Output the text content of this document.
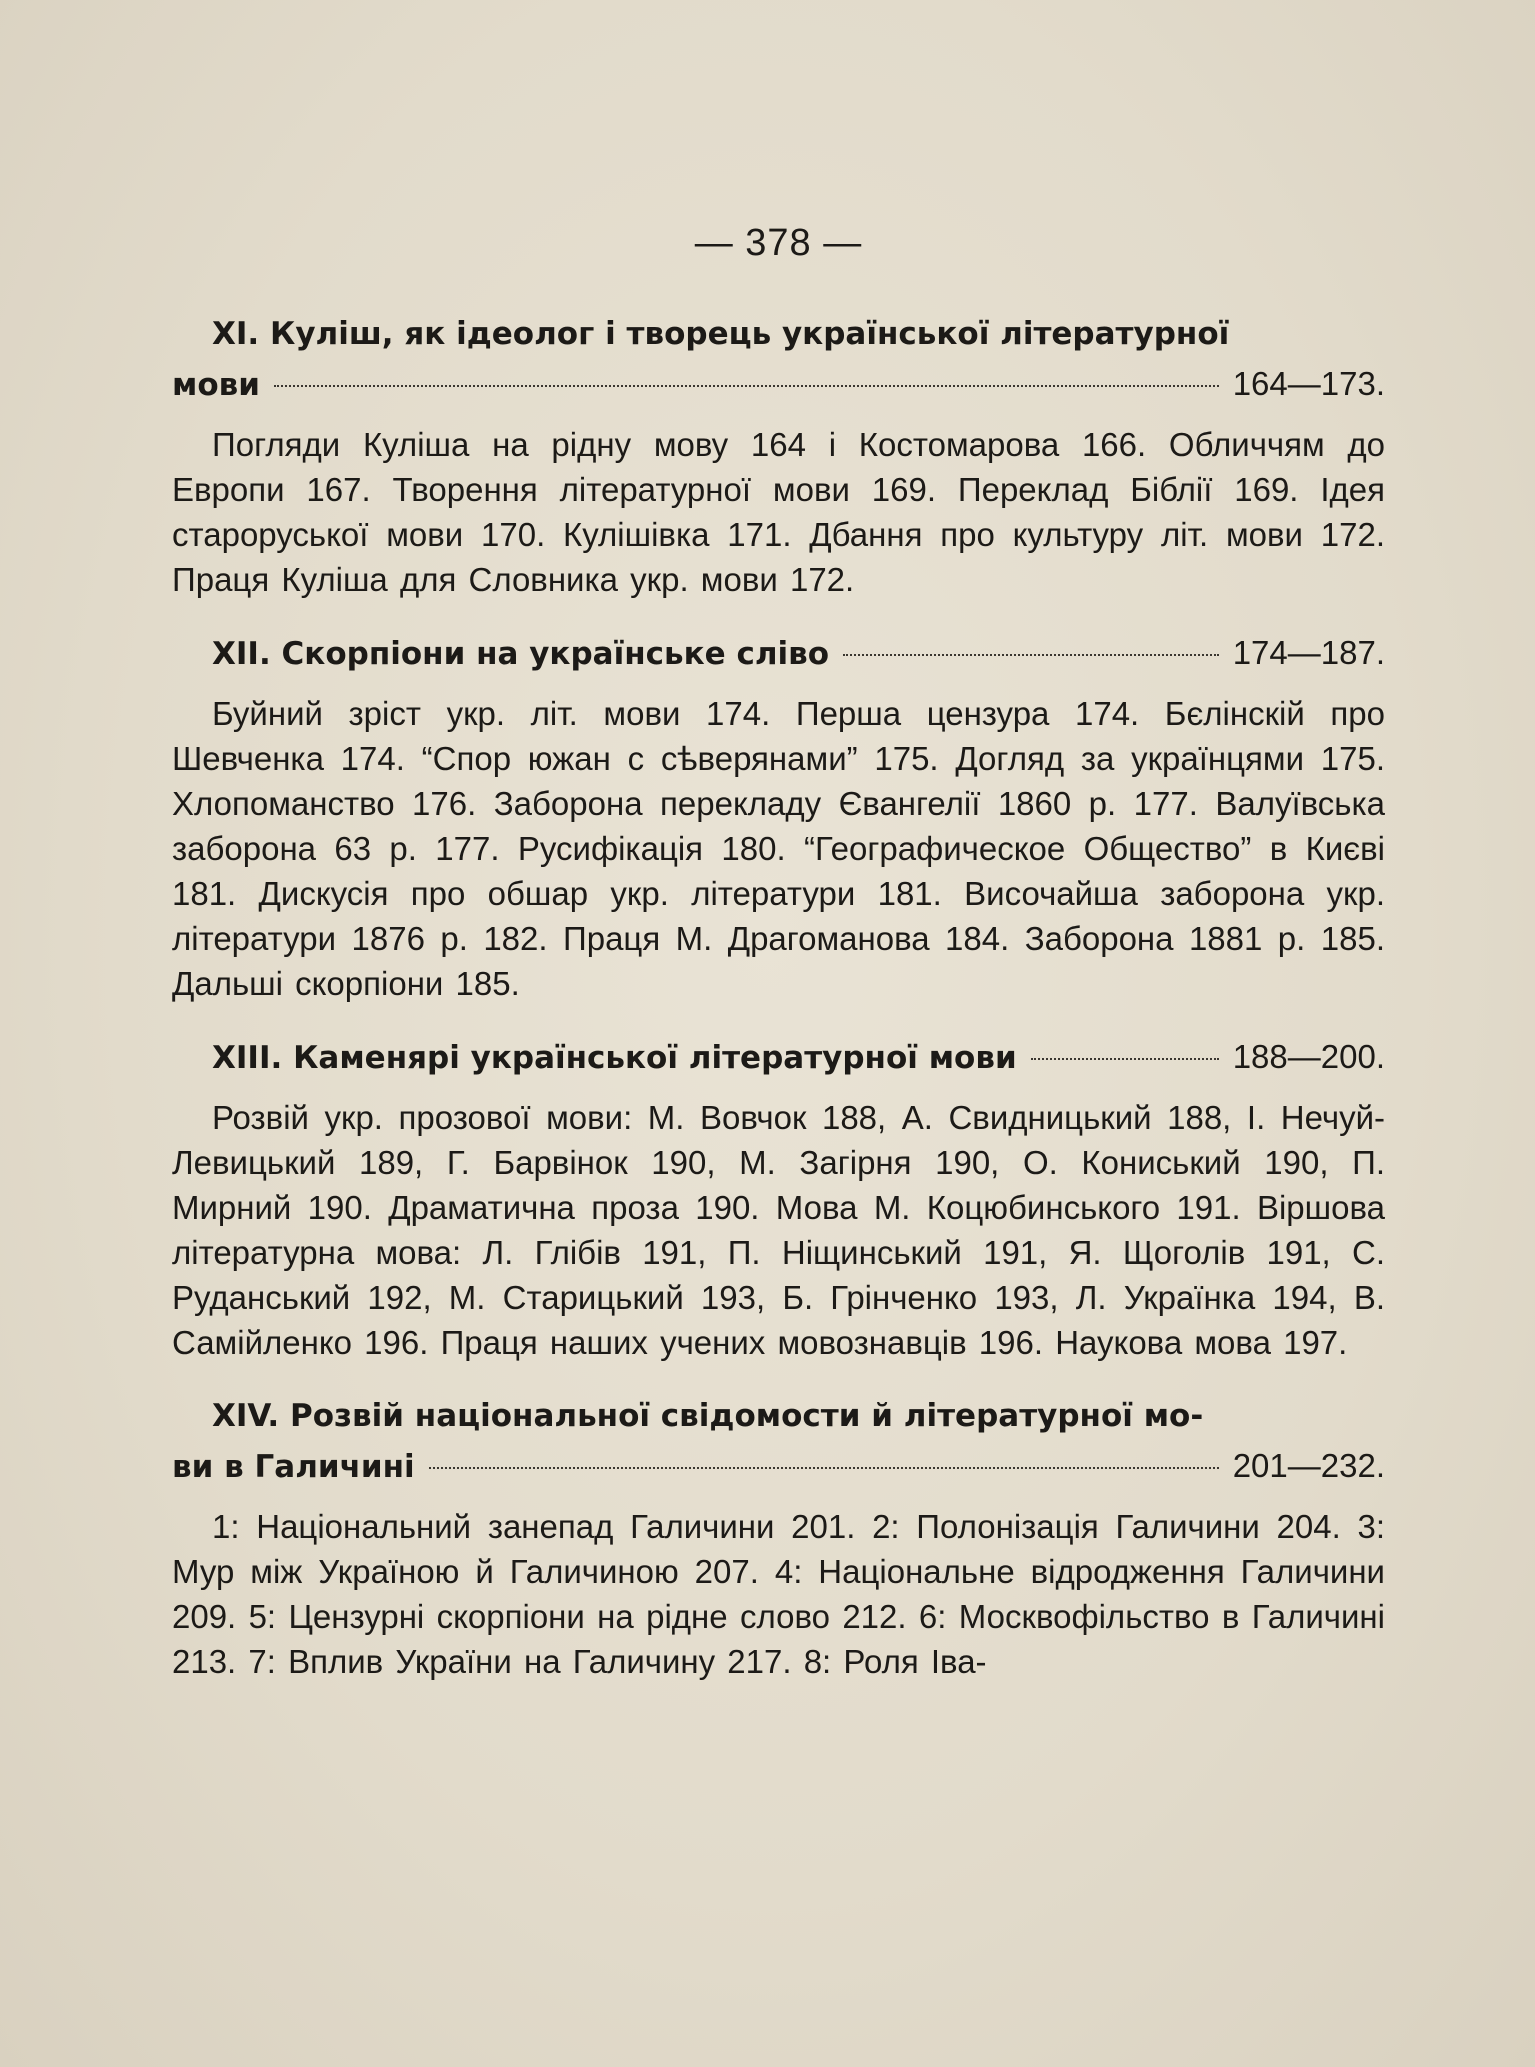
— 378 —
XI. Куліш, як ідеолог і творець української літературної
мови	164—173.

Погляди Куліша на рідну мову 164 і Костомарова 166. Обличчям до Европи 167. Творення літературної мови 169. Переклад Біблії 169. Ідея староруської мови 170. Кулішівка 171. Дбання про культуру літ. мови 172. Праця Куліша для Словника укр. мови 172.

XII. Скорпіони на українське сліво	174—187.

Буйний зріст укр. літ. мови 174. Перша цензура 174. Бєлінскій про Шевченка 174. “Спор южан с сѣверянами” 175. Догляд за українцями 175. Хлопоманство 176. Заборона перекладу Євангелії 1860 р. 177. Валуївська заборона 63 р. 177. Русифікація 180. “Географическое Общество” в Києві 181. Дискусія про обшар укр. літератури 181. Височайша заборона укр. літератури 1876 р. 182. Праця М. Драгоманова 184. Заборона 1881 р. 185. Дальші скорпіони 185.

XIII. Каменярі української літературної мови	188—200.

Розвій укр. прозової мови: М. Вовчок 188, А. Свидницький 188, І. Нечуй-Левицький 189, Г. Барвінок 190, М. Загірня 190, О. Кониський 190, П. Мирний 190. Драматична проза 190. Мова М. Коцюбинського 191. Віршова літературна мова: Л. Глібів 191, П. Ніщинський 191, Я. Щоголів 191, С. Руданський 192, М. Старицький 193, Б. Грінченко 193, Л. Українка 194, В. Самійленко 196. Праця наших учених мовознавців 196. Наукова мова 197.

XIV. Розвій національної свідомости й літературної мо-
ви в Галичині	201—232.

1: Національний занепад Галичини 201. 2: Полонізація Галичини 204. 3: Мур між Україною й Галичиною 207. 4: Національне відродження Галичини 209. 5: Цензурні скорпіони на рідне слово 212. 6: Москвофільство в Галичині 213. 7: Вплив України на Галичину 217. 8: Роля Іва-
